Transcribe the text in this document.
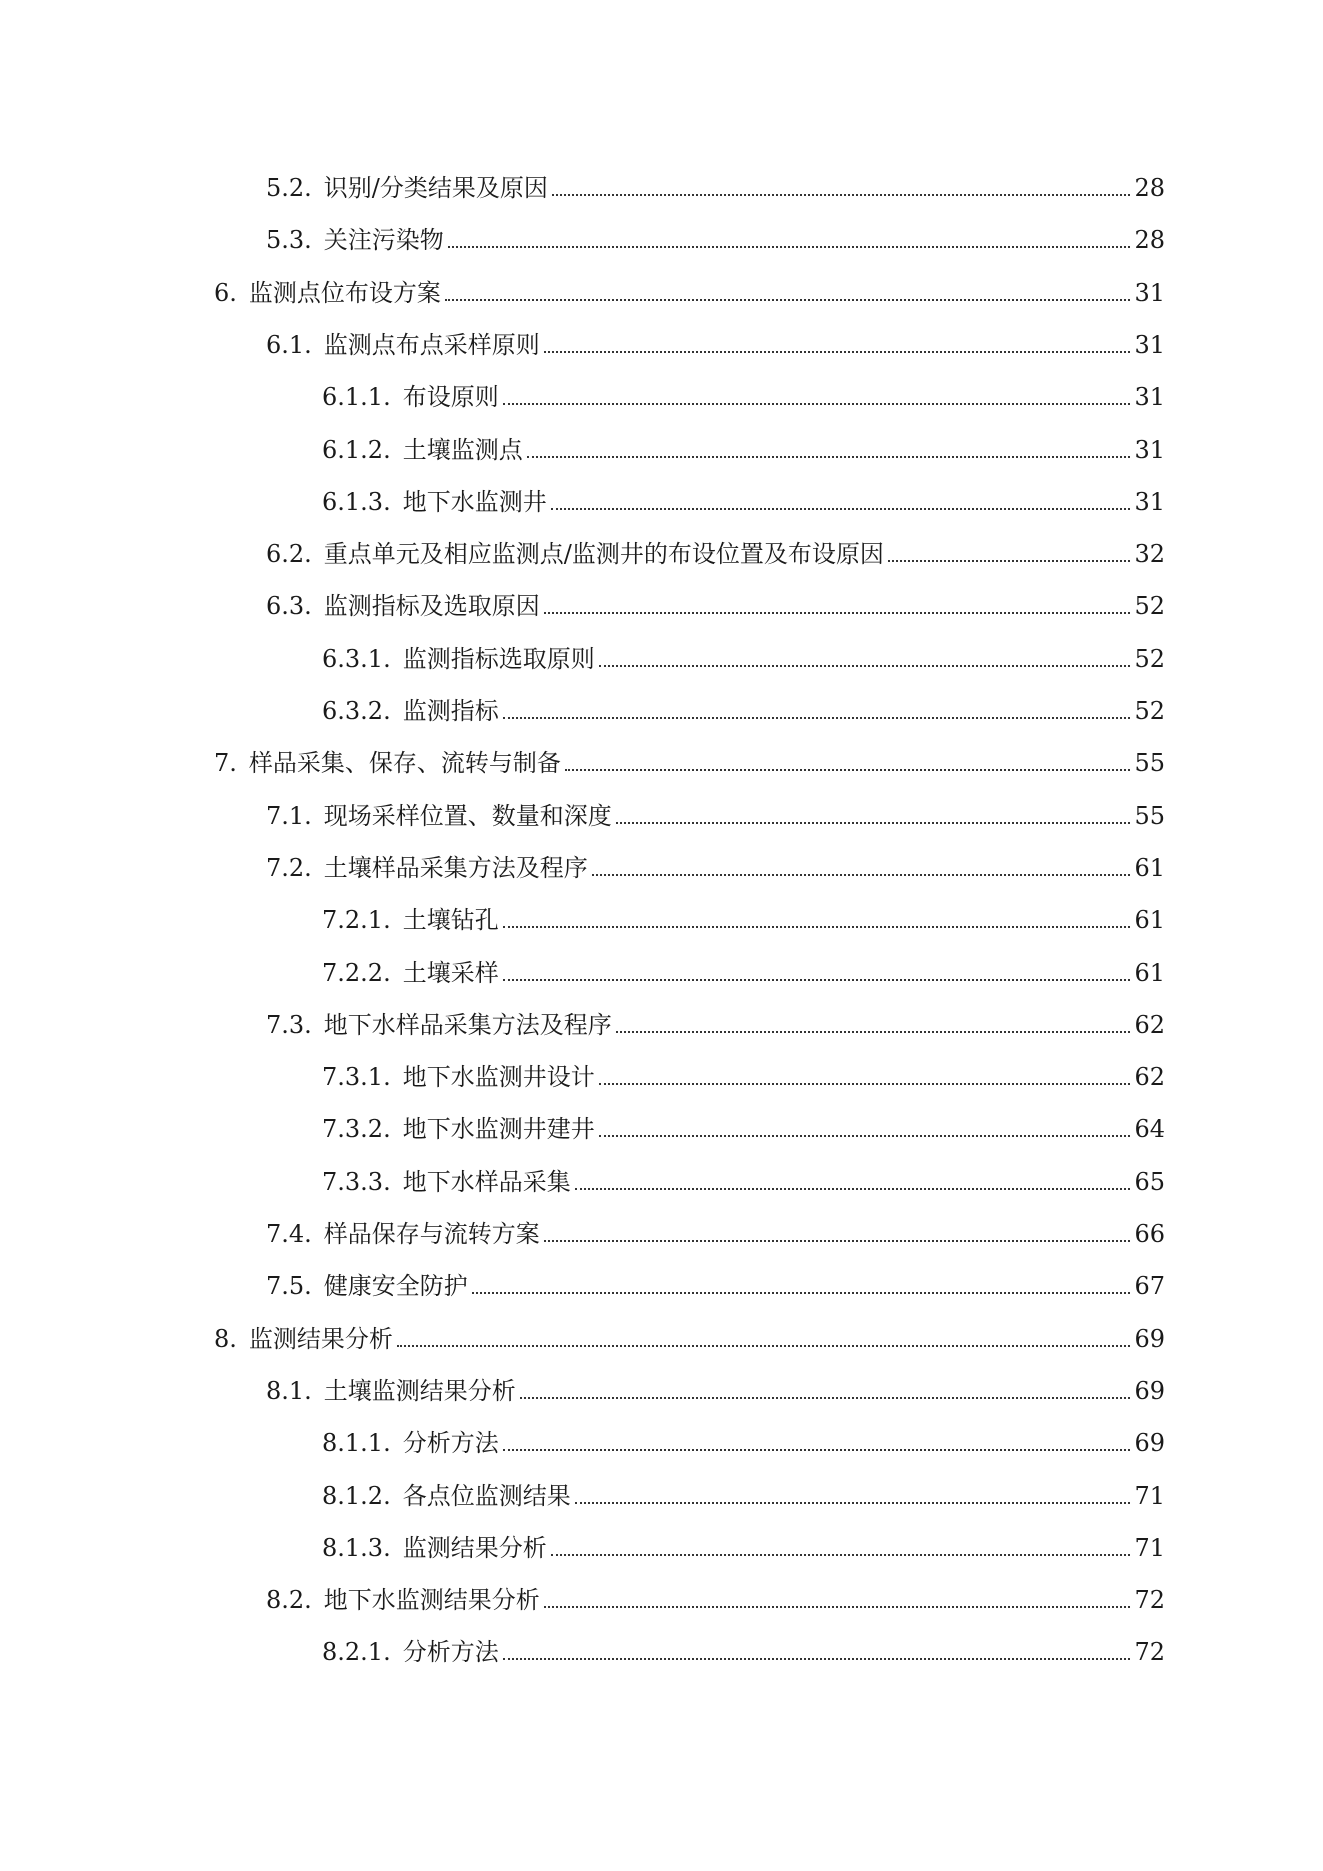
5.2. 识别/分类结果及原因	28
5.3. 关注污染物	28
6. 监测点位布设方案	31
6.1. 监测点布点采样原则	31
6.1.1. 布设原则	31
6.1.2. 土壤监测点	31
6.1.3. 地下水监测井	31
6.2. 重点单元及相应监测点/监测井的布设位置及布设原因	32
6.3. 监测指标及选取原因	52
6.3.1. 监测指标选取原则	52
6.3.2. 监测指标	52
7. 样品采集、保存、流转与制备	55
7.1. 现场采样位置、数量和深度	55
7.2. 土壤样品采集方法及程序	61
7.2.1. 土壤钻孔	61
7.2.2. 土壤采样	61
7.3. 地下水样品采集方法及程序	62
7.3.1. 地下水监测井设计	62
7.3.2. 地下水监测井建井	64
7.3.3. 地下水样品采集	65
7.4. 样品保存与流转方案	66
7.5. 健康安全防护	67
8. 监测结果分析	69
8.1. 土壤监测结果分析	69
8.1.1. 分析方法	69
8.1.2. 各点位监测结果	71
8.1.3. 监测结果分析	71
8.2. 地下水监测结果分析	72
8.2.1. 分析方法	72
